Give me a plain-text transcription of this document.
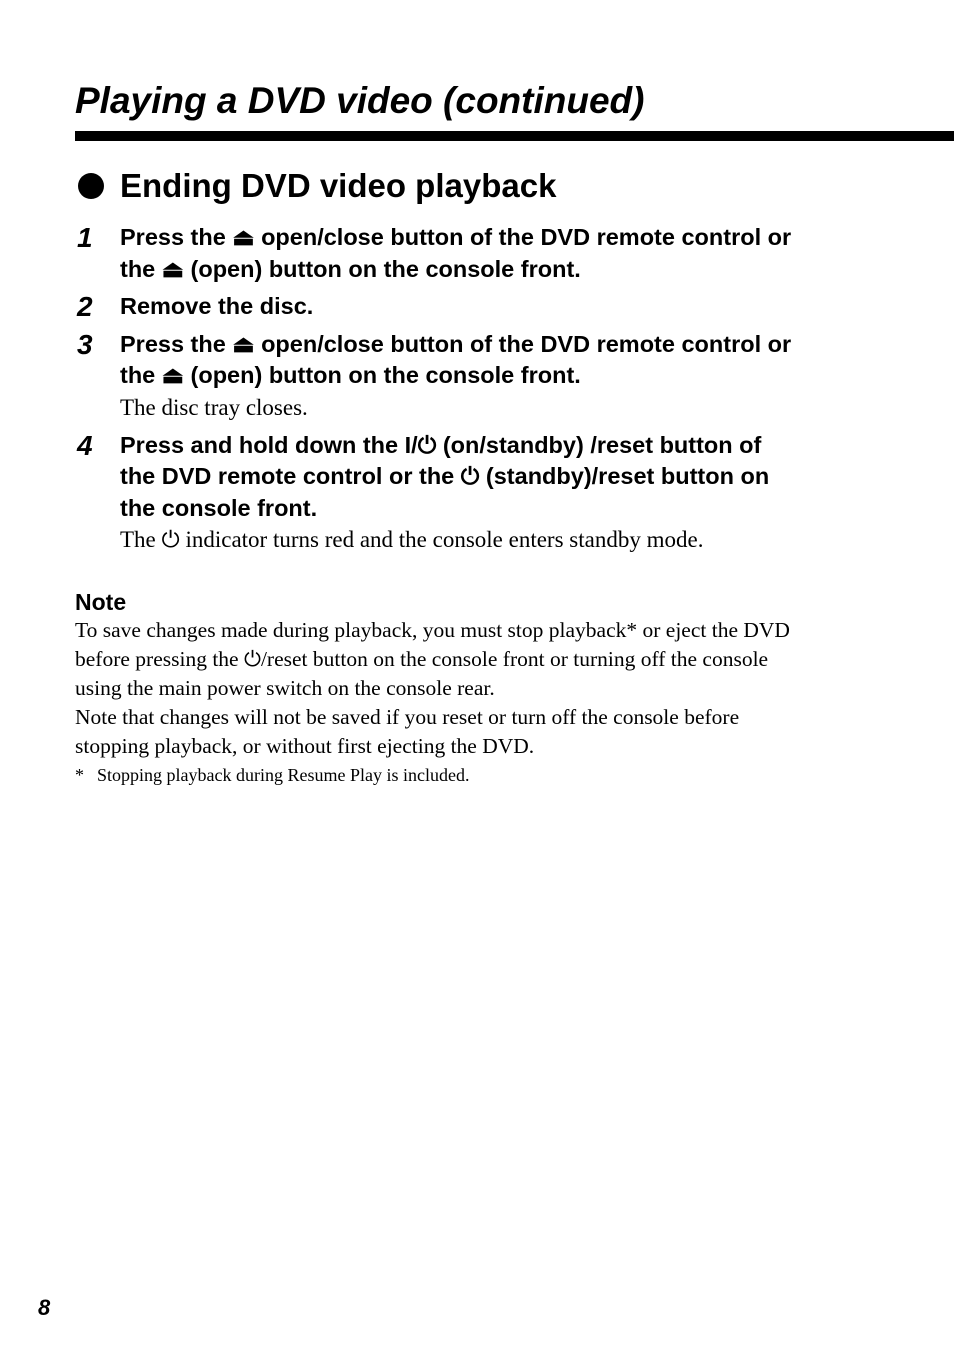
Playing a DVD video (continued)
Ending DVD video playback
1 Press the ⏏ open/close button of the DVD remote control or
the ⏏ (open) button on the console front.
2 Remove the disc.
3 Press the ⏏ open/close button of the DVD remote control or
the ⏏ (open) button on the console front.
The disc tray closes.
4 Press and hold down the I/⏻ (on/standby) /reset button of
the DVD remote control or the ⏻ (standby)/reset button on
the console front.
The ⏻ indicator turns red and the console enters standby mode.
Note

To save changes made during playback, you must stop playback* or eject the DVD
before pressing the ⏻/reset button on the console front or turning off the console
using the main power switch on the console rear.

Note that changes will not be saved if you reset or turn off the console before
stopping playback, or without first ejecting the DVD.

* Stopping playback during Resume Play is included.

8
